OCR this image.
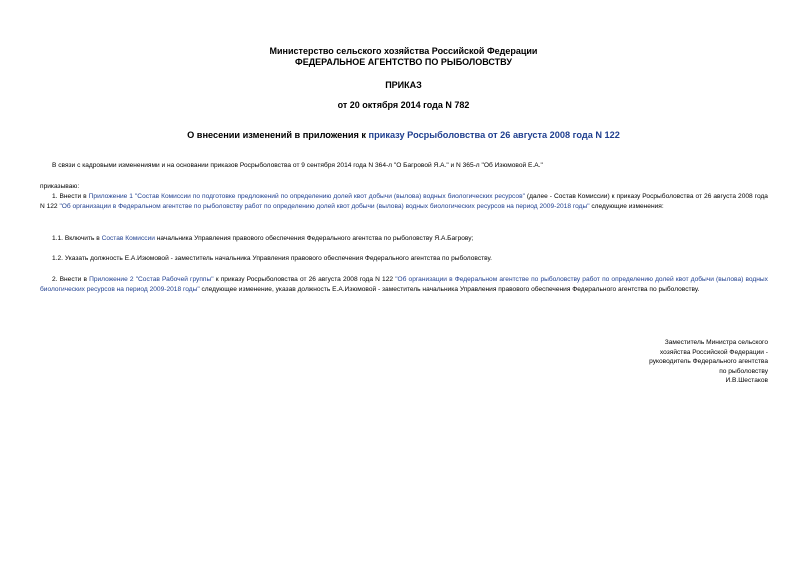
Министерство сельского хозяйства Российской Федерации
ФЕДЕРАЛЬНОЕ АГЕНТСТВО ПО РЫБОЛОВСТВУ
ПРИКАЗ
от 20 октября 2014 года N 782
О внесении изменений в приложения к приказу Росрыболовства от 26 августа 2008 года N 122
В связи с кадровыми изменениями и на основании приказов Росрыболовства от 9 сентября 2014 года N 364-л "О Багровой Я.А." и N 365-л "Об Изюмовой Е.А."
приказываю:
1. Внести в Приложение 1 "Состав Комиссии по подготовке предложений по определению долей квот добычи (вылова) водных биологических ресурсов" (далее - Состав Комиссии) к приказу Росрыболовства от 26 августа 2008 года N 122 "Об организации в Федеральном агентстве по рыболовству работ по определению долей квот добычи (вылова) водных биологических ресурсов на период 2009-2018 годы" следующие изменения:
1.1. Включить в Состав Комиссии начальника Управления правового обеспечения Федерального агентства по рыболовству Я.А.Багрову;
1.2. Указать должность Е.А.Изюмовой - заместитель начальника Управления правового обеспечения Федерального агентства по рыболовству.
2. Внести в Приложение 2 "Состав Рабочей группы" к приказу Росрыболовства от 26 августа 2008 года N 122 "Об организации в Федеральном агентстве по рыболовству работ по определению долей квот добычи (вылова) водных биологических ресурсов на период 2009-2018 годы" следующее изменение, указав должность Е.А.Изюмовой - заместитель начальника Управления правового обеспечения Федерального агентства по рыболовству.
Заместитель Министра сельского
хозяйства Российской Федерации -
руководитель Федерального агентства
по рыболовству
И.В.Шестаков
